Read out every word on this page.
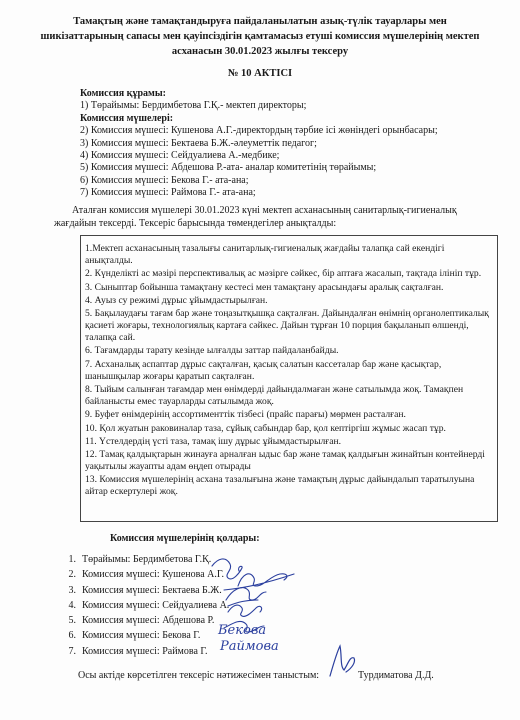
Тамақтың және тамақтандыруға пайдаланылатын азық-түлік тауарлары мен
шикізаттарының сапасы мен қауіпсіздігін қамтамасыз етуші комиссия мүшелерінің мектеп
асханасын 30.01.2023 жылғы тексеру
№ 10 АКТІСІ
Комиссия құрамы:
1) Төрайымы: Бердимбетова Г.Қ.- мектеп директоры;
Комиссия мүшелері:
2) Комиссия мүшесі: Кушенова А.Г.-директордың тәрбие ісі жөніндегі орынбасары;
3) Комиссия мүшесі: Бектаева Б.Ж.-әлеуметтік педагог;
4) Комиссия мүшесі: Сейдуалиева А.-медбике;
5) Комиссия мүшесі: Абдешова Р.-ата- аналар комитетінің төрайымы;
6) Комиссия мүшесі: Бекова Г.- ата-ана;
7) Комиссия мүшесі: Раймова Г.- ата-ана;
Аталған комиссия мүшелері 30.01.2023 күні мектеп асханасының санитарлық-гигиеналық жағдайын тексерді. Тексеріс барысында төмендегілер анықталды:
1.Мектеп асханасының тазалығы санитарлық-гигиеналық жағдайы талапқа сай екендігі анықталды.
2. Күнделікті ас мәзірі перспективалық ас мәзірге сәйкес, бір аптаға жасалып, тақтада ілініп тұр.
3. Сыныптар бойынша тамақтану кестесі мен тамақтану арасындағы аралық сақталған.
4. Ауыз су режимі дұрыс ұйымдастырылған.
5. Бақылаудағы тағам бар және тоңазытқышқа сақталған. Дайындалған өнімнің органолептикалық қасиеті жоғары, технологиялық картаға сәйкес. Дайын тұрған 10 порция бақыланып өлшенді, талапқа сай.
6. Тағамдарды тарату кезінде ылғалды заттар пайдаланбайды.
7. Асханалық аспаптар дұрыс сақталған, қасық салатын кассеталар бар және қасықтар, шанышқылар жоғары қаратып сақталған.
8. Тыйым салынған тағамдар мен өнімдерді дайындалмаған және сатылымда жоқ. Тамақпен байланысты емес тауарларды сатылымда жоқ.
9. Буфет өнімдерінің ассортименттік тізбесі (прайс парағы) мөрмен расталған.
10. Қол жуатын раковиналар таза, сұйық сабындар бар, қол кептіргіш жұмыс жасап тұр.
11. Үстелдердің үсті таза, тамақ ішу дұрыс ұйымдастырылған.
12. Тамақ қалдықтарын жинауға арналған ыдыс бар және тамақ қалдығын жинайтын контейнерді уақытылы жауапты адам өңдеп отырады
13. Комиссия мүшелерінің асхана тазалығына және тамақтың дұрыс дайындалып таратылуына айтар ескертулері жоқ.
Комиссия мүшелерінің қолдары:
1. Төрайымы: Бердимбетова Г.Қ.
2. Комиссия мүшесі: Кушенова А.Г.
3. Комиссия мүшесі: Бектаева Б.Ж.
4. Комиссия мүшесі: Сейдуалиева А.
5. Комиссия мүшесі: Абдешова Р.
6. Комиссия мүшесі: Бекова Г.
7. Комиссия мүшесі: Раймова Г.
Бекова
Раймова
Осы актіде көрсетілген тексеріс нәтижесімен таныстым:	Турдиматова Д.Д.
